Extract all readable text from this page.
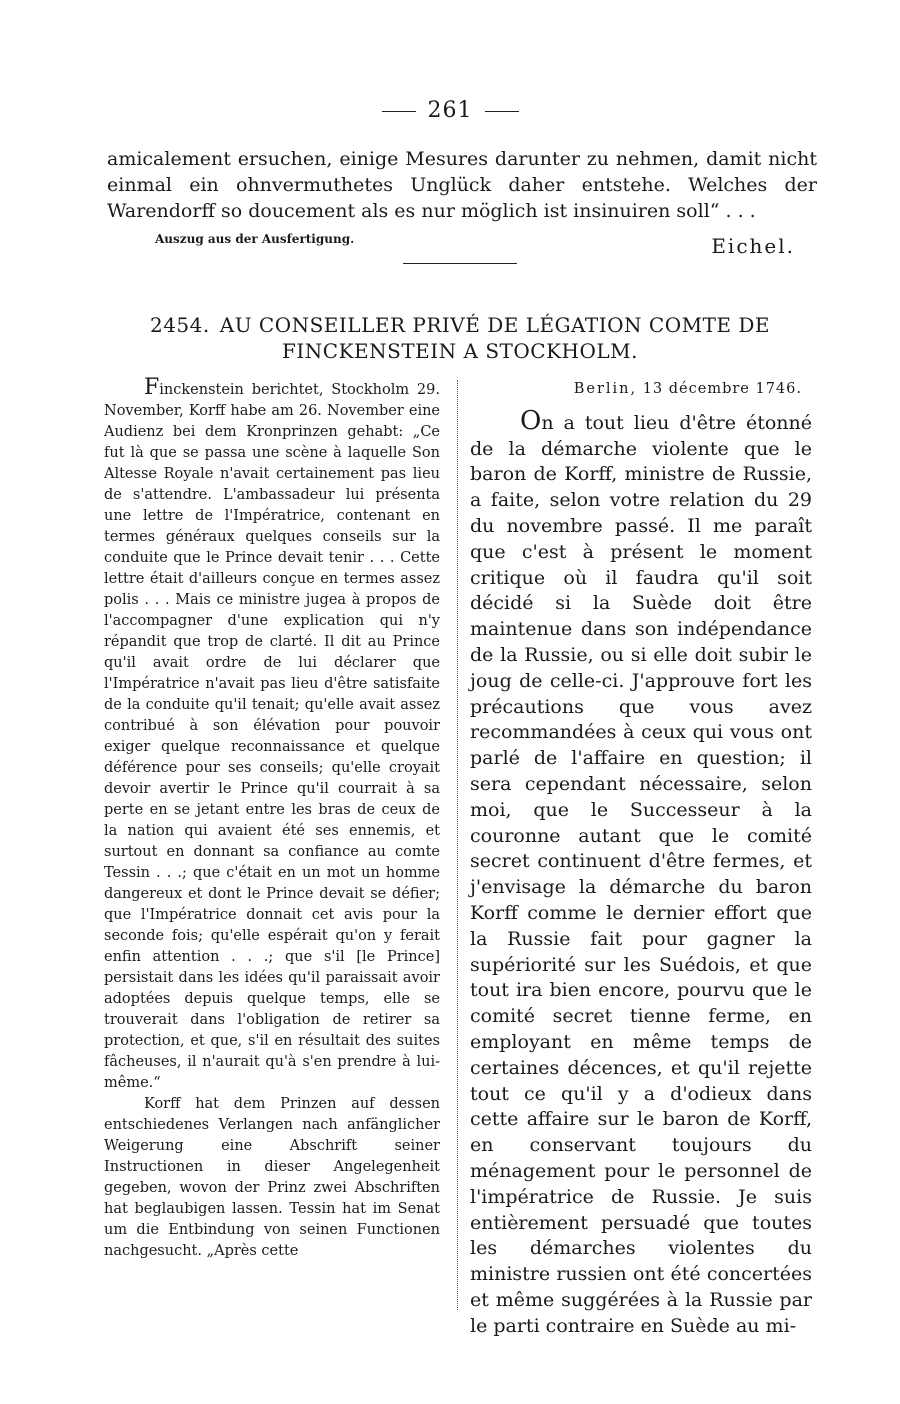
261

amicalement ersuchen, einige Mesures darunter zu nehmen, damit nicht einmal ein ohnvermuthetes Unglück daher entstehe. Welches der Warendorff so doucement als es nur möglich ist insinuiren soll“ . . .

Auszug aus der Ausfertigung.	Eichel.
2454. AU CONSEILLER PRIVÉ DE LÉGATION COMTE DE FINCKENSTEIN A STOCKHOLM.

Finckenstein berichtet, Stockholm 29. November, Korff habe am 26. November eine Audienz bei dem Kronprinzen gehabt: „Ce fut là que se passa une scène à laquelle Son Altesse Royale n'avait certainement pas lieu de s'attendre. L'ambassadeur lui présenta une lettre de l'Impératrice, contenant en termes généraux quelques conseils sur la conduite que le Prince devait tenir . . . Cette lettre était d'ailleurs conçue en termes assez polis . . . Mais ce ministre jugea à propos de l'accompagner d'une explication qui n'y répandit que trop de clarté. Il dit au Prince qu'il avait ordre de lui déclarer que l'Impératrice n'avait pas lieu d'être satisfaite de la conduite qu'il tenait; qu'elle avait assez contribué à son élévation pour pouvoir exiger quelque reconnaissance et quelque déférence pour ses conseils; qu'elle croyait devoir avertir le Prince qu'il courrait à sa perte en se jetant entre les bras de ceux de la nation qui avaient été ses ennemis, et surtout en donnant sa confiance au comte Tessin . . .; que c'était en un mot un homme dangereux et dont le Prince devait se défier; que l'Impératrice donnait cet avis pour la seconde fois; qu'elle espérait qu'on y ferait enfin attention . . .; que s'il [le Prince] persistait dans les idées qu'il paraissait avoir adoptées depuis quelque temps, elle se trouverait dans l'obligation de retirer sa protection, et que, s'il en résultait des suites fâcheuses, il n'aurait qu'à s'en prendre à lui-même.“

Korff hat dem Prinzen auf dessen entschiedenes Verlangen nach anfänglicher Weigerung eine Abschrift seiner Instructionen in dieser Angelegenheit gegeben, wovon der Prinz zwei Abschriften hat beglaubigen lassen. Tessin hat im Senat um die Entbindung von seinen Functionen nachgesucht. „Après cette

Berlin, 13 décembre 1746.

On a tout lieu d'être étonné de la démarche violente que le baron de Korff, ministre de Russie, a faite, selon votre relation du 29 du novembre passé. Il me paraît que c'est à présent le moment critique où il faudra qu'il soit décidé si la Suède doit être maintenue dans son indépendance de la Russie, ou si elle doit subir le joug de celle-ci. J'approuve fort les précautions que vous avez recommandées à ceux qui vous ont parlé de l'affaire en question; il sera cependant nécessaire, selon moi, que le Successeur à la couronne autant que le comité secret continuent d'être fermes, et j'envisage la démarche du baron Korff comme le dernier effort que la Russie fait pour gagner la supériorité sur les Suédois, et que tout ira bien encore, pourvu que le comité secret tienne ferme, en employant en même temps de certaines décences, et qu'il rejette tout ce qu'il y a d'odieux dans cette affaire sur le baron de Korff, en conservant toujours du ménagement pour le personnel de l'impératrice de Russie. Je suis entièrement persuadé que toutes les démarches violentes du ministre russien ont été concertées et même suggérées à la Russie par le parti contraire en Suède au mi-
